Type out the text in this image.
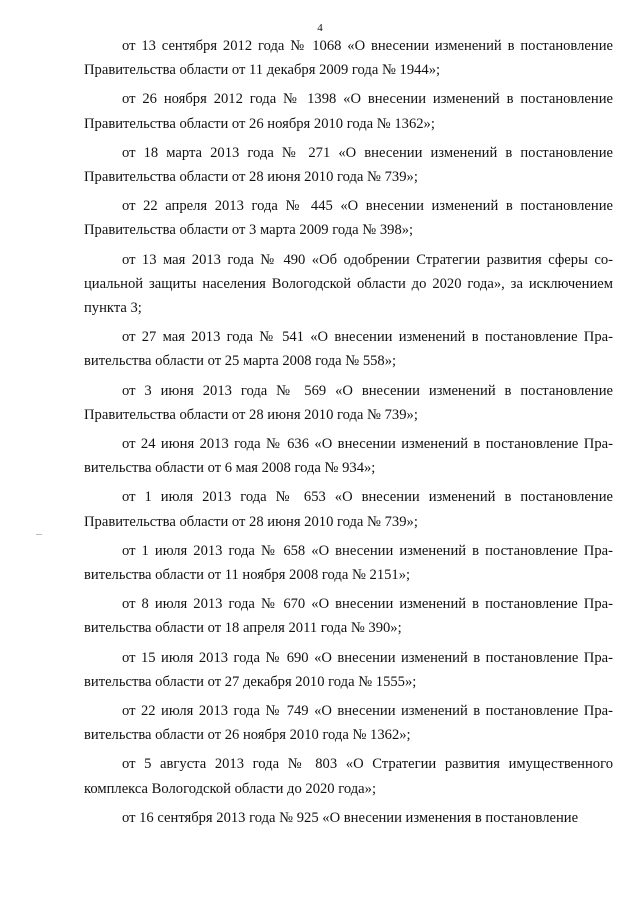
4

от 13 сентября 2012 года № 1068 «О внесении изменений в постановление Правительства области от 11 декабря 2009 года № 1944»;

от 26 ноября 2012 года № 1398 «О внесении изменений в постановление Правительства области от 26 ноября 2010 года № 1362»;

от 18 марта 2013 года № 271 «О внесении изменений в постановление Правительства области от 28 июня 2010 года № 739»;

от 22 апреля 2013 года № 445 «О внесении изменений в постановление Правительства области от 3 марта 2009 года № 398»;

от 13 мая 2013 года № 490 «Об одобрении Стратегии развития сферы социальной защиты населения Вологодской области до 2020 года», за исключением пункта 3;

от 27 мая 2013 года № 541 «О внесении изменений в постановление Правительства области от 25 марта 2008 года № 558»;

от 3 июня 2013 года № 569 «О внесении изменений в постановление Правительства области от 28 июня 2010 года № 739»;

от 24 июня 2013 года № 636 «О внесении изменений в постановление Правительства области от 6 мая 2008 года № 934»;

от 1 июля 2013 года № 653 «О внесении изменений в постановление Правительства области от 28 июня 2010 года № 739»;

от 1 июля 2013 года № 658 «О внесении изменений в постановление Правительства области от 11 ноября 2008 года № 2151»;

от 8 июля 2013 года № 670 «О внесении изменений в постановление Правительства области от 18 апреля 2011 года № 390»;

от 15 июля 2013 года № 690 «О внесении изменений в постановление Правительства области от 27 декабря 2010 года № 1555»;

от 22 июля 2013 года № 749 «О внесении изменений в постановление Правительства области от 26 ноября 2010 года № 1362»;

от 5 августа 2013 года № 803 «О Стратегии развития имущественного комплекса Вологодской области до 2020 года»;

от 16 сентября 2013 года № 925 «О внесении изменения в постановление
